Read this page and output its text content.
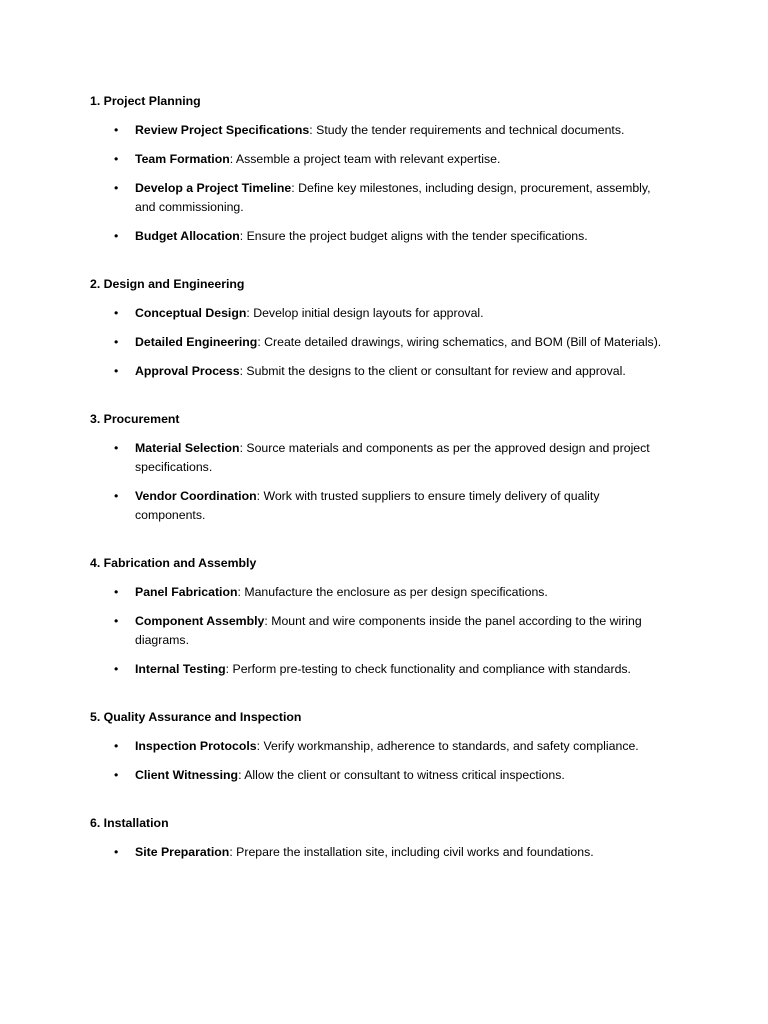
1. Project Planning
• Review Project Specifications: Study the tender requirements and technical documents.
• Team Formation: Assemble a project team with relevant expertise.
• Develop a Project Timeline: Define key milestones, including design, procurement, assembly, and commissioning.
• Budget Allocation: Ensure the project budget aligns with the tender specifications.
2. Design and Engineering
• Conceptual Design: Develop initial design layouts for approval.
• Detailed Engineering: Create detailed drawings, wiring schematics, and BOM (Bill of Materials).
• Approval Process: Submit the designs to the client or consultant for review and approval.
3. Procurement
• Material Selection: Source materials and components as per the approved design and project specifications.
• Vendor Coordination: Work with trusted suppliers to ensure timely delivery of quality components.
4. Fabrication and Assembly
• Panel Fabrication: Manufacture the enclosure as per design specifications.
• Component Assembly: Mount and wire components inside the panel according to the wiring diagrams.
• Internal Testing: Perform pre-testing to check functionality and compliance with standards.
5. Quality Assurance and Inspection
• Inspection Protocols: Verify workmanship, adherence to standards, and safety compliance.
• Client Witnessing: Allow the client or consultant to witness critical inspections.
6. Installation
• Site Preparation: Prepare the installation site, including civil works and foundations.
